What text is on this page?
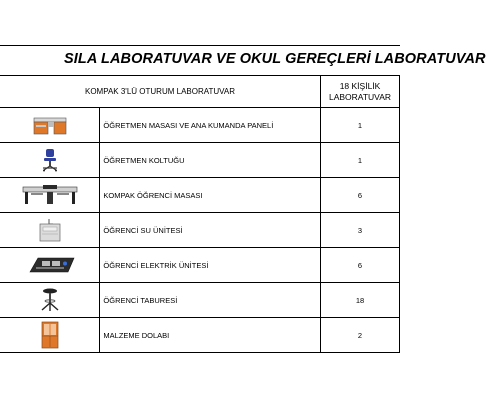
SILA LABORATUVAR VE OKUL GEREÇLERİ LABORATUVAR
KOMPAK 3'LÜ OTURUM LABORATUVAR		18 KİŞİLİK
LABORATUVAR

	ÖĞRETMEN MASASI VE ANA KUMANDA PANELİ	1

	ÖĞRETMEN KOLTUĞU	1

	KOMPAK ÖĞRENCİ MASASI	6

	ÖĞRENCİ SU ÜNİTESİ	3

	ÖĞRENCİ ELEKTRİK ÜNİTESİ	6

	ÖĞRENCİ TABURESİ	18

	MALZEME DOLABI	2
